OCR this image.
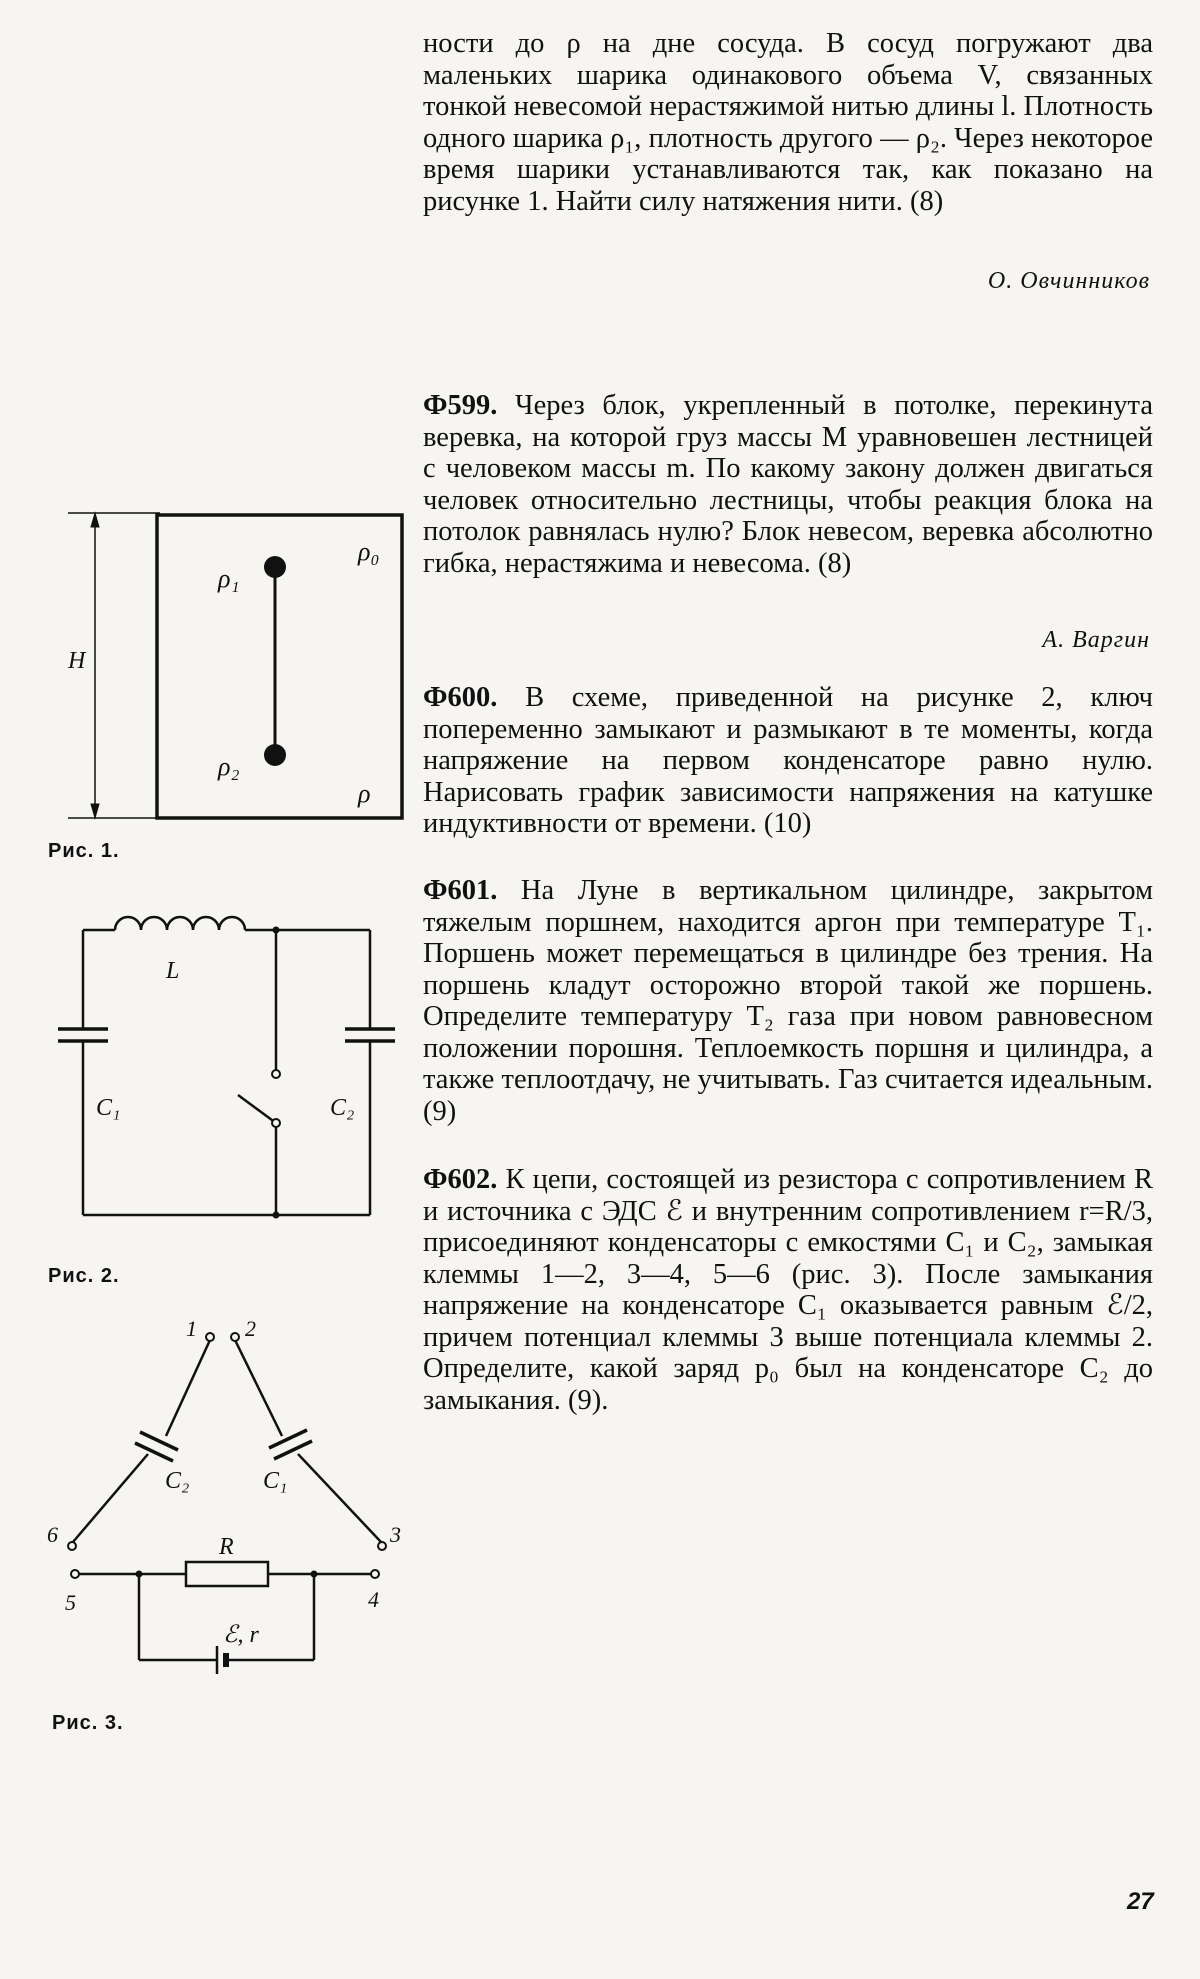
ности до ρ на дне сосуда. В сосуд погружают два маленьких шарика одинакового объема V, связанных тонкой невесомой нерастяжимой нитью длины l. Плотность одного шарика ρ₁, плотность другого — ρ₂. Через некоторое время шарики устанавливаются так, как показано на рисунке 1. Найти силу натяжения нити. (8)

О. Овчинников

Ф599. Через блок, укрепленный в потолке, перекинута веревка, на которой груз массы M уравновешен лестницей с человеком массы m. По какому закону должен двигаться человек относительно лестницы, чтобы реакция блока на потолок равнялась нулю? Блок невесом, веревка абсолютно гибка, нерастяжима и невесома. (8)

А. Варгин

Ф600. В схеме, приведенной на рисунке 2, ключ попеременно замыкают и размыкают в те моменты, когда напряжение на первом конденсаторе равно нулю. Нарисовать график зависимости напряжения на катушке индуктивности от времени. (10)

Ф601. На Луне в вертикальном цилиндре, закрытом тяжелым поршнем, находится аргон при температуре T₁. Поршень может перемещаться в цилиндре без трения. На поршень кладут осторожно второй такой же поршень. Определите температуру T₂ газа при новом равновесном положении порошня. Теплоемкость поршня и цилиндра, а также теплоотдачу, не учитывать. Газ считается идеальным. (9)

Ф602. К цепи, состоящей из резистора с сопротивлением R и источника с ЭДС ℰ и внутренним сопротивлением r=R/3, присоединяют конденсаторы с емкостями C₁ и C₂, замыкая клеммы 1—2, 3—4, 5—6 (рис. 3). После замыкания напряжение на конденсаторе C₁ оказывается равным ℰ/2, причем потенциал клеммы 3 выше потенциала клеммы 2. Определите, какой заряд p₀ был на конденсаторе C₂ до замыкания. (9).

H
ρ₁
ρ₀
ρ₂
ρ
Рис. 1.
L
C₁	C₂
Рис. 2.
1 2
3
4
5
6
C₂	C₁
R
ℰ, r
Рис. 3.
27
